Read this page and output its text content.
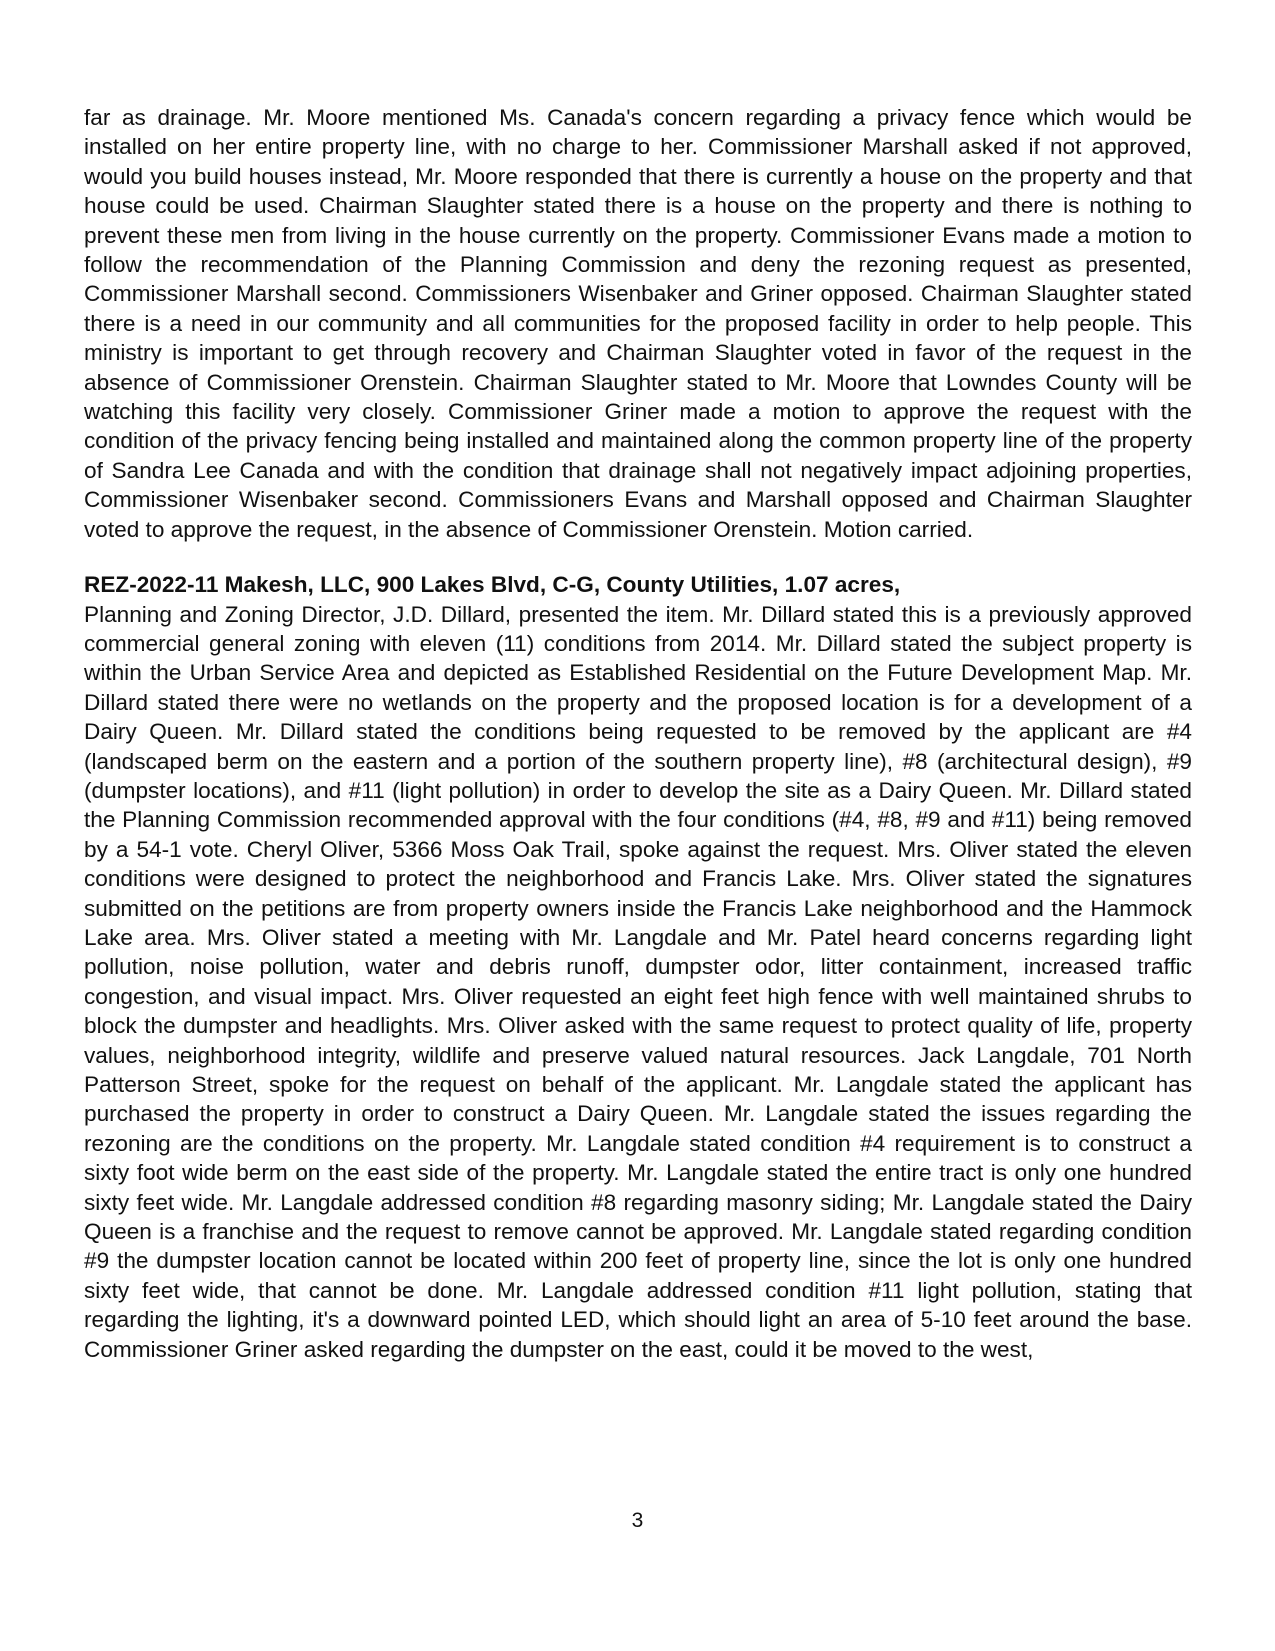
far as drainage. Mr. Moore mentioned Ms. Canada's concern regarding a privacy fence which would be installed on her entire property line, with no charge to her. Commissioner Marshall asked if not approved, would you build houses instead, Mr. Moore responded that there is currently a house on the property and that house could be used. Chairman Slaughter stated there is a house on the property and there is nothing to prevent these men from living in the house currently on the property. Commissioner Evans made a motion to follow the recommendation of the Planning Commission and deny the rezoning request as presented, Commissioner Marshall second. Commissioners Wisenbaker and Griner opposed. Chairman Slaughter stated there is a need in our community and all communities for the proposed facility in order to help people. This ministry is important to get through recovery and Chairman Slaughter voted in favor of the request in the absence of Commissioner Orenstein. Chairman Slaughter stated to Mr. Moore that Lowndes County will be watching this facility very closely. Commissioner Griner made a motion to approve the request with the condition of the privacy fencing being installed and maintained along the common property line of the property of Sandra Lee Canada and with the condition that drainage shall not negatively impact adjoining properties, Commissioner Wisenbaker second. Commissioners Evans and Marshall opposed and Chairman Slaughter voted to approve the request, in the absence of Commissioner Orenstein. Motion carried.

REZ-2022-11 Makesh, LLC, 900 Lakes Blvd, C-G, County Utilities, 1.07 acres,

Planning and Zoning Director, J.D. Dillard, presented the item. Mr. Dillard stated this is a previously approved commercial general zoning with eleven (11) conditions from 2014. Mr. Dillard stated the subject property is within the Urban Service Area and depicted as Established Residential on the Future Development Map. Mr. Dillard stated there were no wetlands on the property and the proposed location is for a development of a Dairy Queen. Mr. Dillard stated the conditions being requested to be removed by the applicant are #4 (landscaped berm on the eastern and a portion of the southern property line), #8 (architectural design), #9 (dumpster locations), and #11 (light pollution) in order to develop the site as a Dairy Queen. Mr. Dillard stated the Planning Commission recommended approval with the four conditions (#4, #8, #9 and #11) being removed by a 54-1 vote. Cheryl Oliver, 5366 Moss Oak Trail, spoke against the request. Mrs. Oliver stated the eleven conditions were designed to protect the neighborhood and Francis Lake. Mrs. Oliver stated the signatures submitted on the petitions are from property owners inside the Francis Lake neighborhood and the Hammock Lake area. Mrs. Oliver stated a meeting with Mr. Langdale and Mr. Patel heard concerns regarding light pollution, noise pollution, water and debris runoff, dumpster odor, litter containment, increased traffic congestion, and visual impact. Mrs. Oliver requested an eight feet high fence with well maintained shrubs to block the dumpster and headlights. Mrs. Oliver asked with the same request to protect quality of life, property values, neighborhood integrity, wildlife and preserve valued natural resources. Jack Langdale, 701 North Patterson Street, spoke for the request on behalf of the applicant. Mr. Langdale stated the applicant has purchased the property in order to construct a Dairy Queen. Mr. Langdale stated the issues regarding the rezoning are the conditions on the property. Mr. Langdale stated condition #4 requirement is to construct a sixty foot wide berm on the east side of the property. Mr. Langdale stated the entire tract is only one hundred sixty feet wide. Mr. Langdale addressed condition #8 regarding masonry siding; Mr. Langdale stated the Dairy Queen is a franchise and the request to remove cannot be approved. Mr. Langdale stated regarding condition #9 the dumpster location cannot be located within 200 feet of property line, since the lot is only one hundred sixty feet wide, that cannot be done. Mr. Langdale addressed condition #11 light pollution, stating that regarding the lighting, it's a downward pointed LED, which should light an area of 5-10 feet around the base. Commissioner Griner asked regarding the dumpster on the east, could it be moved to the west,

3
